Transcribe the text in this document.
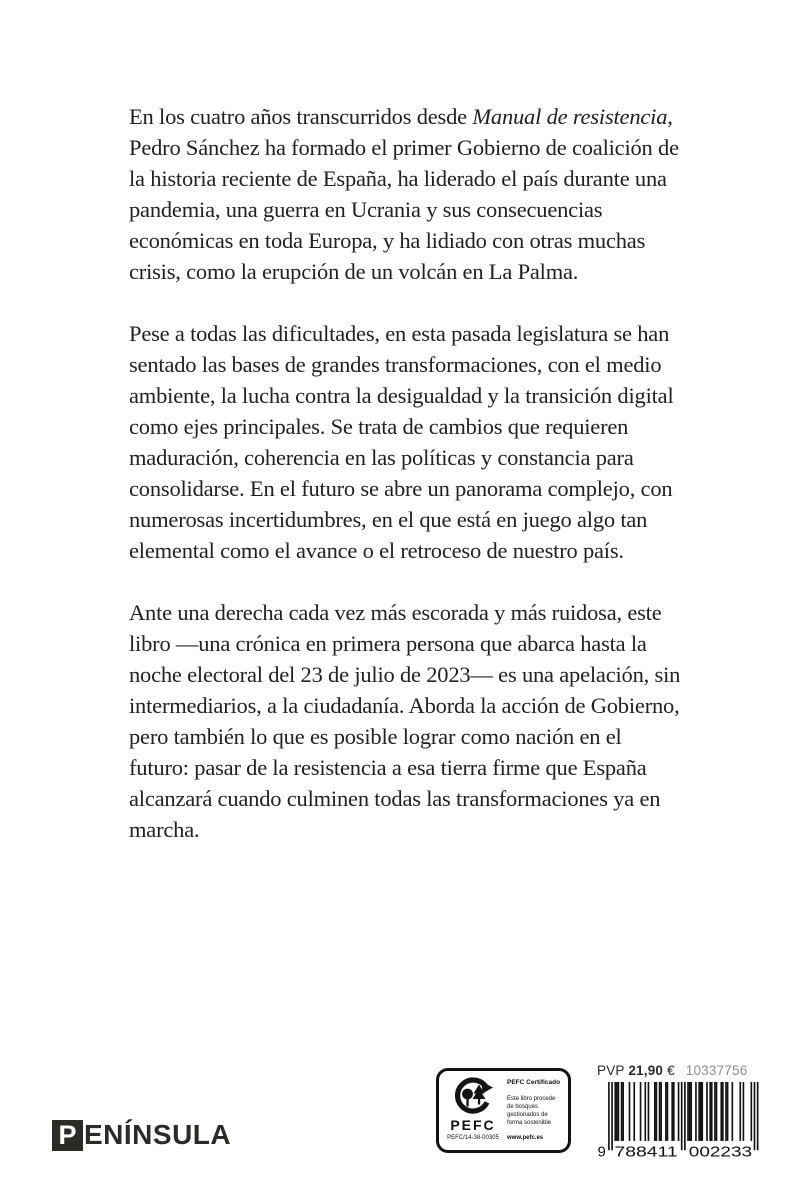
En los cuatro años transcurridos desde Manual de resistencia, Pedro Sánchez ha formado el primer Gobierno de coalición de la historia reciente de España, ha liderado el país durante una pandemia, una guerra en Ucrania y sus consecuencias económicas en toda Europa, y ha lidiado con otras muchas crisis, como la erupción de un volcán en La Palma.

Pese a todas las dificultades, en esta pasada legislatura se han sentado las bases de grandes transformaciones, con el medio ambiente, la lucha contra la desigualdad y la transición digital como ejes principales. Se trata de cambios que requieren maduración, coherencia en las políticas y constancia para consolidarse. En el futuro se abre un panorama complejo, con numerosas incertidumbres, en el que está en juego algo tan elemental como el avance o el retroceso de nuestro país.

Ante una derecha cada vez más escorada y más ruidosa, este libro —una crónica en primera persona que abarca hasta la noche electoral del 23 de julio de 2023— es una apelación, sin intermediarios, a la ciudadanía. Aborda la acción de Gobierno, pero también lo que es posible lograr como nación en el futuro: pasar de la resistencia a esa tierra firme que España alcanzará cuando culminen todas las transformaciones ya en marcha.

PEFC
PEFC/14-38-00305
PEFC Certificado
Este libro procede de bosques gestionados de forma sostenible
www.pefc.es
PVP 21,90 € 10337756
9 788411 002233
P ENÍNSULA
